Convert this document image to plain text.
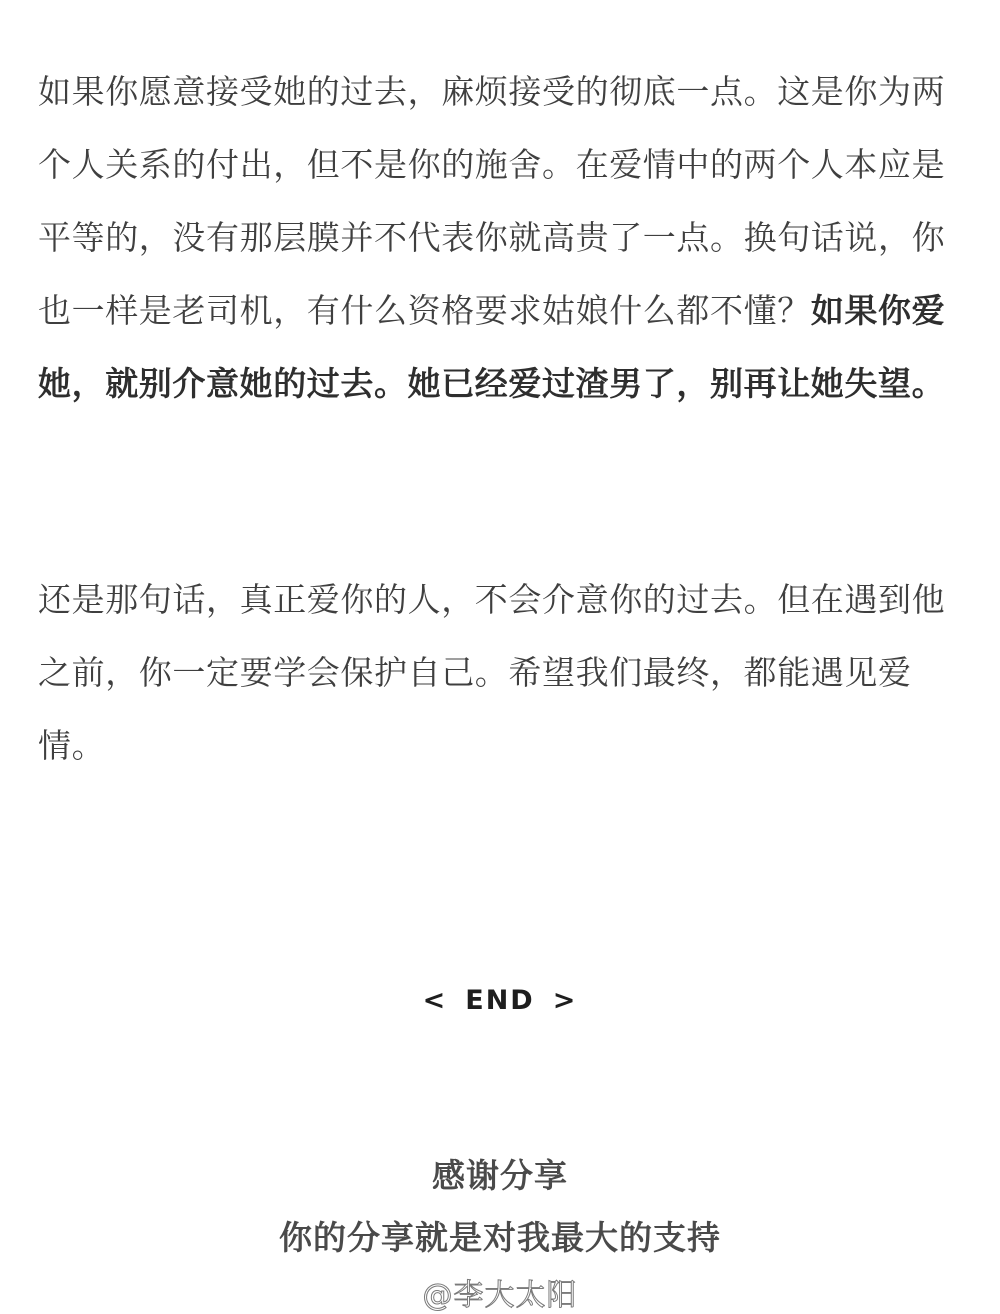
如果你愿意接受她的过去，麻烦接受的彻底一点。这是你为两个人关系的付出，但不是你的施舍。在爱情中的两个人本应是平等的，没有那层膜并不代表你就高贵了一点。换句话说，你也一样是老司机，有什么资格要求姑娘什么都不懂？如果你爱她，就别介意她的过去。她已经爱过渣男了，别再让她失望。

还是那句话，真正爱你的人，不会介意你的过去。但在遇到他之前，你一定要学会保护自己。希望我们最终，都能遇见爱情。

< END >
感谢分享
你的分享就是对我最大的支持
@李大太阳
